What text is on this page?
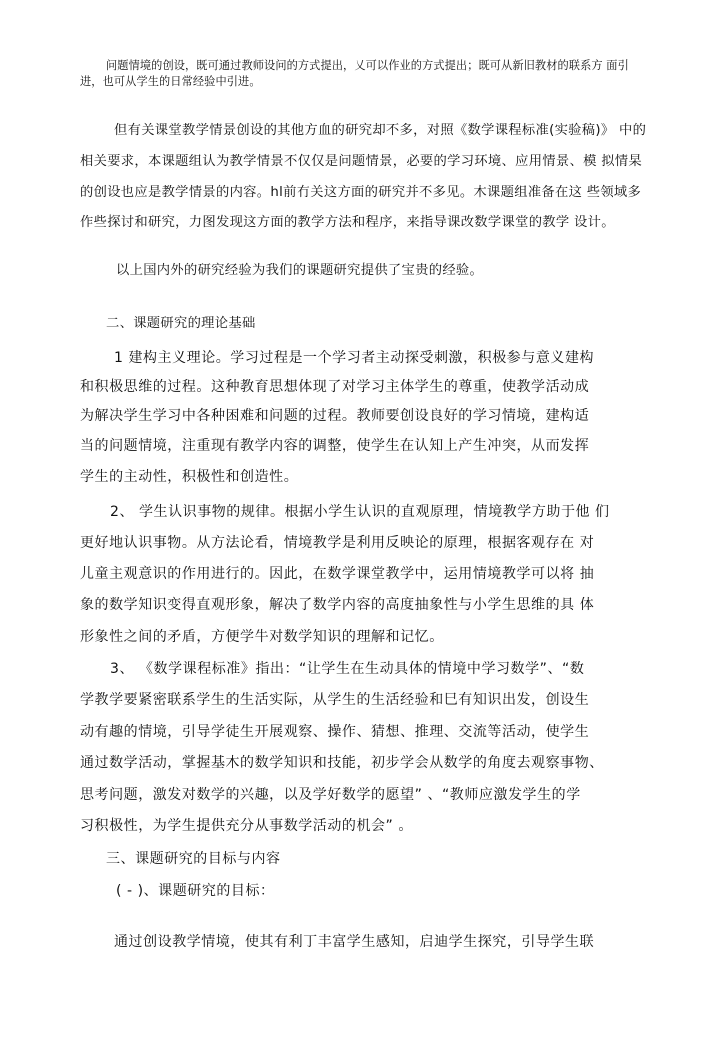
问题情境的创设，既可通过教师设问的方式提出，乂可以作业的方式提出；既可从新旧教材的联系方 面引
进，也可从学生的日常经验中引进。
但有关课堂教学情景创设的其他方血的研究却不多，对照《数学课程标准(实验稿)》 中的
相关要求，本课题组认为教学情景不仅仅是问题情景，必要的学习环境、应用情景、模 拟情杲
的创设也应是教学情景的内容。hl前冇关这方面的研究并不多见。木课题组准备在这 些领域多
作些探讨和研究，力图发现这方面的教学方法和程序，来指导课改数学课堂的教学 设计。
以上国内外的研究经验为我们的课题研究提供了宝贵的经验。
二、课题研究的理论基础
1 建构主义理论。学习过程是一个学习者主动探受刺激，积极参与意义建构
和积极思维的过程。这种教育思想体现了对学习主体学生的尊重，使教学活动成
为解决学生学习中各种困难和问题的过程。教师要创设良好的学习情境，建构适
当的问题情境，注重现有教学内容的调整，使学生在认知上产生冲突，从而发挥
学生的主动性，积极性和创造性。
2、 学生认识事物的规律。根据小学生认识的直观原理，情境教学方助于他 们
更好地认识事物。从方法论看，情境教学是利用反映论的原理，根据客观存在 对
儿童主观意识的作用进行的。因此，在数学课堂教学中，运用情境教学可以将 抽
象的数学知识变得直观形象，解决了数学内容的高度抽象性与小学生思维的具 体
形象性之间的矛盾，方便学牛对数学知识的理解和记忆。
3、 《数学课程标准》指出：“让学生在生动具体的情境中学习数学”、“数
学教学要紧密联系学生的生活实际，从学生的生活经验和巳有知识出发，创设生
动有趣的情境，引导学徒生开展观察、操作、猜想、推理、交流等活动，使学生
通过数学活动，掌握基木的数学知识和技能，初步学会从数学的角度去观察事物、
思考问题，激发对数学的兴趣，以及学好数学的愿望” 、“教师应激发学生的学
习积极性，为学生提供充分从事数学活动的机会” 。
三、课题研究的目标与内容
( - )、课题研究的目标：
通过创设教学情境，使其有利丁丰富学生感知，启迪学生探究，引导学生联
